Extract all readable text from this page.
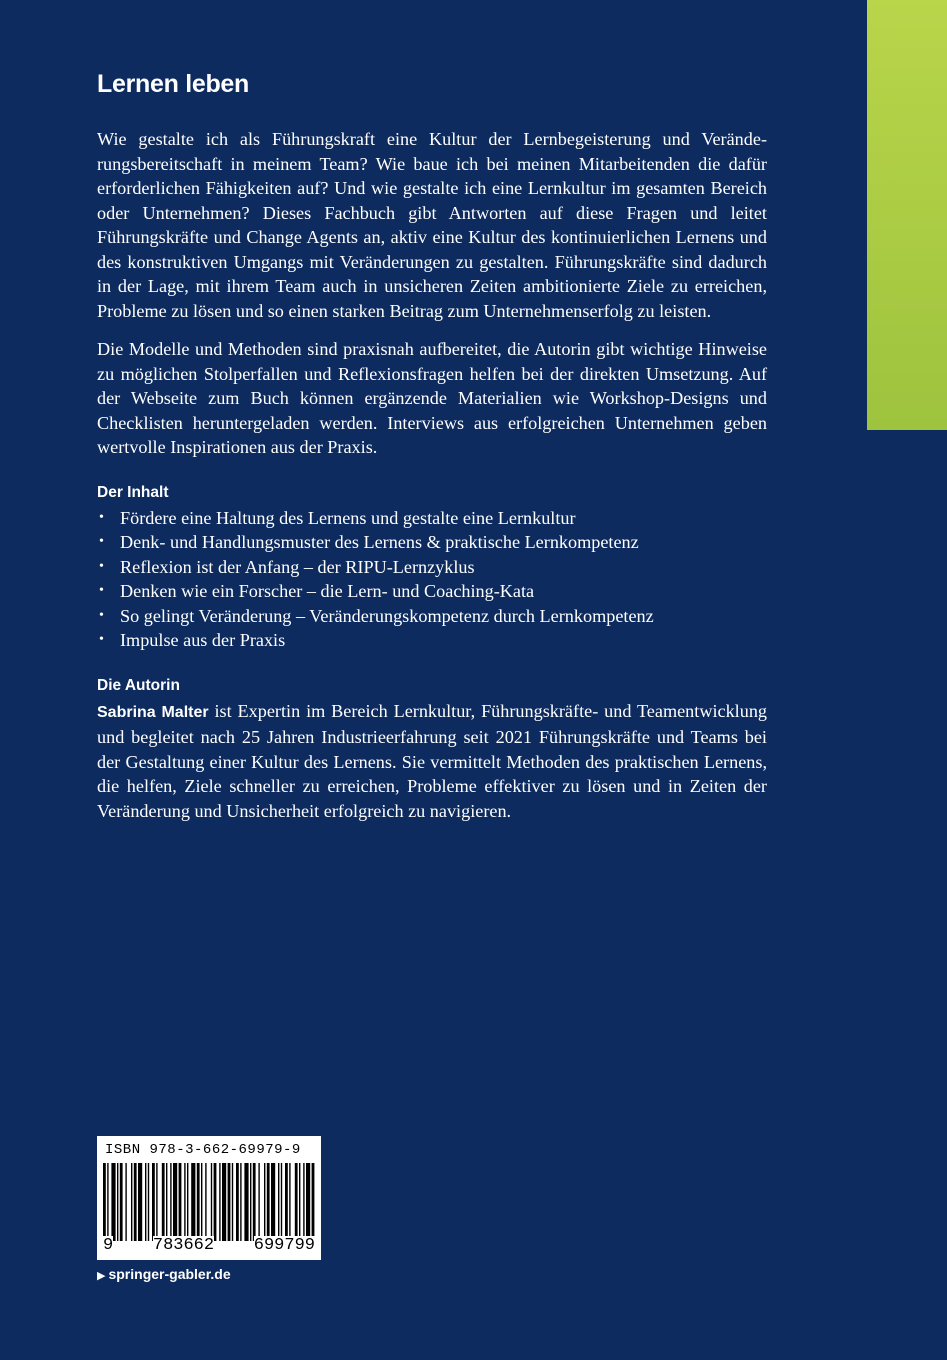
Lernen leben

Wie gestalte ich als Führungskraft eine Kultur der Lernbegeisterung und Veränderungsbereitschaft in meinem Team? Wie baue ich bei meinen Mitarbeitenden die dafür erforderlichen Fähigkeiten auf? Und wie gestalte ich eine Lernkultur im gesamten Bereich oder Unternehmen? Dieses Fachbuch gibt Antworten auf diese Fragen und leitet Führungskräfte und Change Agents an, aktiv eine Kultur des kontinuierlichen Lernens und des konstruktiven Umgangs mit Veränderungen zu gestalten. Führungskräfte sind dadurch in der Lage, mit ihrem Team auch in unsicheren Zeiten ambitionierte Ziele zu erreichen, Probleme zu lösen und so einen starken Beitrag zum Unternehmenserfolg zu leisten.

Die Modelle und Methoden sind praxisnah aufbereitet, die Autorin gibt wichtige Hinweise zu möglichen Stolperfallen und Reflexionsfragen helfen bei der direkten Umsetzung. Auf der Webseite zum Buch können ergänzende Materialien wie Workshop-Designs und Checklisten heruntergeladen werden. Interviews aus erfolgreichen Unternehmen geben wertvolle Inspirationen aus der Praxis.

Der Inhalt
• Fördere eine Haltung des Lernens und gestalte eine Lernkultur
• Denk- und Handlungsmuster des Lernens & praktische Lernkompetenz
• Reflexion ist der Anfang – der RIPU-Lernzyklus
• Denken wie ein Forscher – die Lern- und Coaching-Kata
• So gelingt Veränderung – Veränderungskompetenz durch Lernkompetenz
• Impulse aus der Praxis
Die Autorin

Sabrina Malter ist Expertin im Bereich Lernkultur, Führungskräfte- und Teamentwicklung und begleitet nach 25 Jahren Industrieerfahrung seit 2021 Führungskräfte und Teams bei der Gestaltung einer Kultur des Lernens. Sie vermittelt Methoden des praktischen Lernens, die helfen, Ziele schneller zu erreichen, Probleme effektiver zu lösen und in Zeiten der Veränderung und Unsicherheit erfolgreich zu navigieren.

ISBN 978-3-662-69979-9
9 783662 699799
▶ springer-gabler.de
